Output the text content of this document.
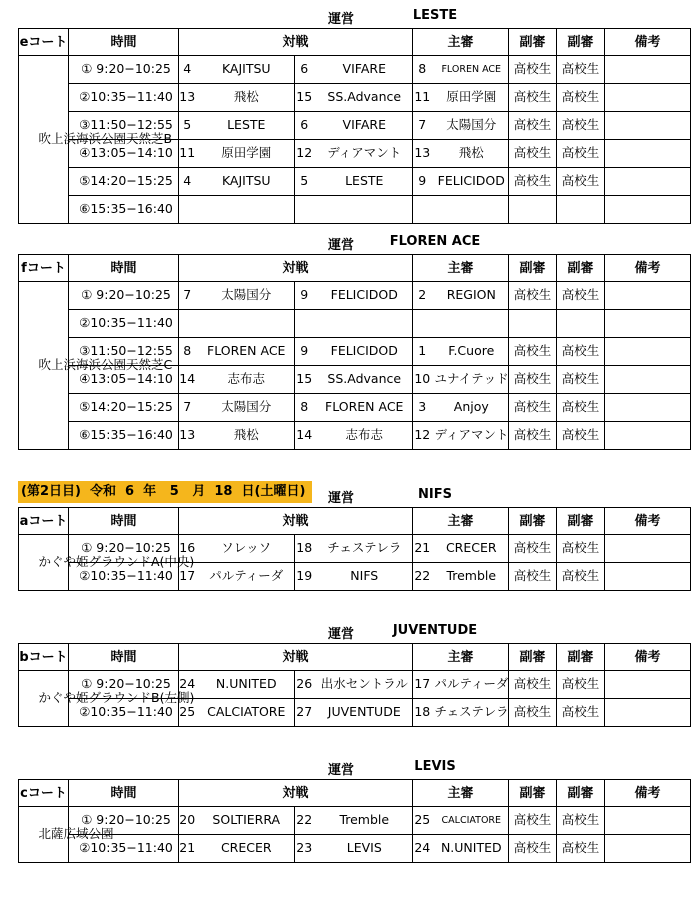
運営	LESTE
eコート	時間	対戦				主審		副審	副審	備考
吹上浜海浜公園天然芝B	① 9:20−10:25	4	KAJITSU	6	VIFARE	8	FLOREN ACE	高校生	高校生	
	②10:35−11:40	13	飛松	15	SS.Advance	11	原田学園	高校生	高校生	
	③11:50−12:55	5	LESTE	6	VIFARE	7	太陽国分	高校生	高校生	
	④13:05−14:10	11	原田学園	12	ディアマント	13	飛松	高校生	高校生	
	⑤14:20−15:25	4	KAJITSU	5	LESTE	9	FELICIDOD	高校生	高校生	
	⑥15:35−16:40									
運営	FLOREN ACE
fコート	時間	対戦				主審		副審	副審	備考
吹上浜海浜公園天然芝C	① 9:20−10:25	7	太陽国分	9	FELICIDOD	2	REGION	高校生	高校生	
	②10:35−11:40									
	③11:50−12:55	8	FLOREN ACE	9	FELICIDOD	1	F.Cuore	高校生	高校生	
	④13:05−14:10	14	志布志	15	SS.Advance	10	ユナイテッド	高校生	高校生	
	⑤14:20−15:25	7	太陽国分	8	FLOREN ACE	3	Anjoy	高校生	高校生	
	⑥15:35−16:40	13	飛松	14	志布志	12	ディアマント	高校生	高校生	
運営	NIFS
aコート	時間	対戦				主審		副審	副審	備考
かぐや姫グラウンドA(中央)	① 9:20−10:25	16	ソレッソ	18	チェステレラ	21	CRECER	高校生	高校生	
	②10:35−11:40	17	パルティーダ	19	NIFS	22	Tremble	高校生	高校生	
運営	JUVENTUDE
bコート	時間	対戦				主審		副審	副審	備考
かぐや姫グラウンドB(左側)	① 9:20−10:25	24	N.UNITED	26	出水セントラル	17	パルティーダ	高校生	高校生	
	②10:35−11:40	25	CALCIATORE	27	JUVENTUDE	18	チェステレラ	高校生	高校生	
運営	LEVIS
cコート	時間	対戦				主審		副審	副審	備考
北薩広域公園	① 9:20−10:25	20	SOLTIERRA	22	Tremble	25	CALCIATORE	高校生	高校生	
	②10:35−11:40	21	CRECER	23	LEVIS	24	N.UNITED	高校生	高校生	
(第2日目)  令和  6  年   5   月  18  日(土曜日)
